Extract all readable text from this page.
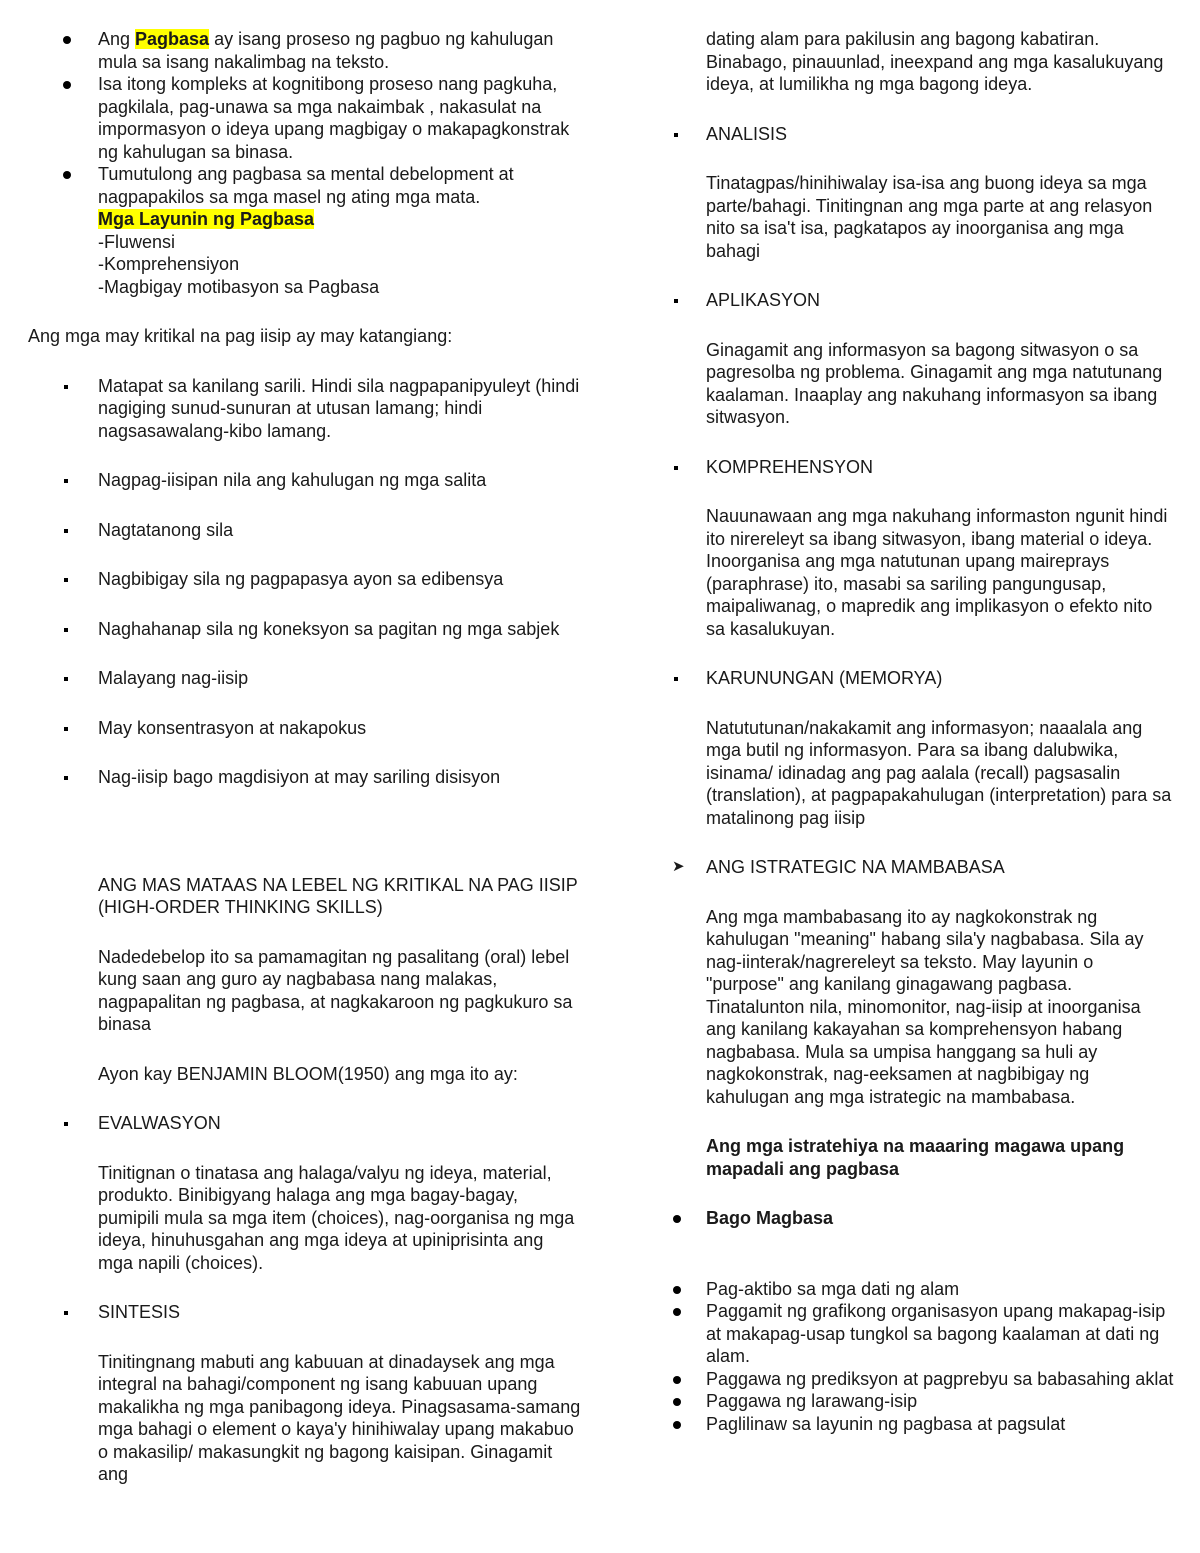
Ang Pagbasa ay isang proseso ng pagbuo ng kahulugan mula sa isang nakalimbag na teksto.
Isa itong kompleks at kognitibong proseso nang pagkuha, pagkilala, pag-unawa sa mga nakaimbak , nakasulat na impormasyon o ideya upang magbigay o makapagkonstrak ng kahulugan sa binasa.
Tumutulong ang pagbasa sa mental debelopment at nagpapakilos sa mga masel ng ating mga mata.
Mga Layunin ng Pagbasa
-Fluwensi
-Komprehensiyon
-Magbigay motibasyon sa Pagbasa

Ang mga may kritikal na pag iisip ay may katangiang:

Matapat sa kanilang sarili. Hindi sila nagpapanipyuleyt (hindi nagiging sunud-sunuran at utusan lamang; hindi nagsasawalang-kibo lamang.
Nagpag-iisipan nila ang kahulugan ng mga salita
Nagtatanong sila
Nagbibigay sila ng pagpapasya ayon sa edibensya
Naghahanap sila ng koneksyon sa pagitan ng mga sabjek
Malayang nag-iisip
May konsentrasyon at nakapokus
Nag-iisip bago magdisiyon at may sariling disisyon

ANG MAS MATAAS NA LEBEL NG KRITIKAL NA PAG IISIP (HIGH-ORDER THINKING SKILLS)

Nadedebelop ito sa pamamagitan ng pasalitang (oral) lebel kung saan ang guro ay nagbabasa nang malakas, nagpapalitan ng pagbasa, at nagkakaroon ng pagkukuro sa binasa

Ayon kay BENJAMIN BLOOM(1950) ang mga ito ay:

EVALWASYON

Tinitignan o tinatasa ang halaga/valyu ng ideya, material, produkto. Binibigyang halaga ang mga bagay-bagay, pumipili mula sa mga item (choices), nag-oorganisa ng mga ideya, hinuhusgahan ang mga ideya at upiniprisinta ang mga napili (choices).

SINTESIS

Tinitingnang mabuti ang kabuuan at dinadaysek ang mga integral na bahagi/component ng isang kabuuan upang makalikha ng mga panibagong ideya. Pinagsasama-samang mga bahagi o element o kaya'y hinihiwalay upang makabuo o makasilip/ makasungkit ng bagong kaisipan. Ginagamit ang

dating alam para pakilusin ang bagong kabatiran. Binabago, pinauunlad, ineexpand ang mga kasalukuyang ideya, at lumilikha ng mga bagong ideya.

ANALISIS

Tinatagpas/hinihiwalay isa-isa ang buong ideya sa mga parte/bahagi. Tinitingnan ang mga parte at ang relasyon nito sa isa't isa, pagkatapos ay inoorganisa ang mga bahagi

APLIKASYON

Ginagamit ang informasyon sa bagong sitwasyon o sa pagresolba ng problema. Ginagamit ang mga natutunang kaalaman. Inaaplay ang nakuhang informasyon sa ibang sitwasyon.

KOMPREHENSYON

Nauunawaan ang mga nakuhang informaston ngunit hindi ito nirereleyt sa ibang sitwasyon, ibang material o ideya. Inoorganisa ang mga natutunan upang maireprays (paraphrase) ito, masabi sa sariling pangungusap, maipaliwanag, o mapredik ang implikasyon o efekto nito sa kasalukuyan.

KARUNUNGAN (MEMORYA)

Natututunan/nakakamit ang informasyon; naaalala ang mga butil ng informasyon. Para sa ibang dalubwika, isinama/ idinadag ang pag aalala (recall) pagsasalin (translation), at pagpapakahulugan (interpretation) para sa matalinong pag iisip

➤ ANG ISTRATEGIC NA MAMBABASA

Ang mga mambabasang ito ay nagkokonstrak ng kahulugan "meaning" habang sila'y nagbabasa. Sila ay nag-iinterak/nagrereleyt sa teksto. May layunin o "purpose" ang kanilang ginagawang pagbasa. Tinatalunton nila, minomonitor, nag-iisip at inoorganisa ang kanilang kakayahan sa komprehensyon habang nagbabasa. Mula sa umpisa hanggang sa huli ay nagkokonstrak, nag-eeksamen at nagbibigay ng kahulugan ang mga istrategic na mambabasa.

Ang mga istratehiya na maaaring magawa upang mapadali ang pagbasa

Bago Magbasa
Pag-aktibo sa mga dati ng alam
Paggamit ng grafikong organisasyon upang makapag-isip at makapag-usap tungkol sa bagong kaalaman at dati ng alam.
Paggawa ng prediksyon at pagprebyu sa babasahing aklat
Paggawa ng larawang-isip
Paglilinaw sa layunin ng pagbasa at pagsulat
